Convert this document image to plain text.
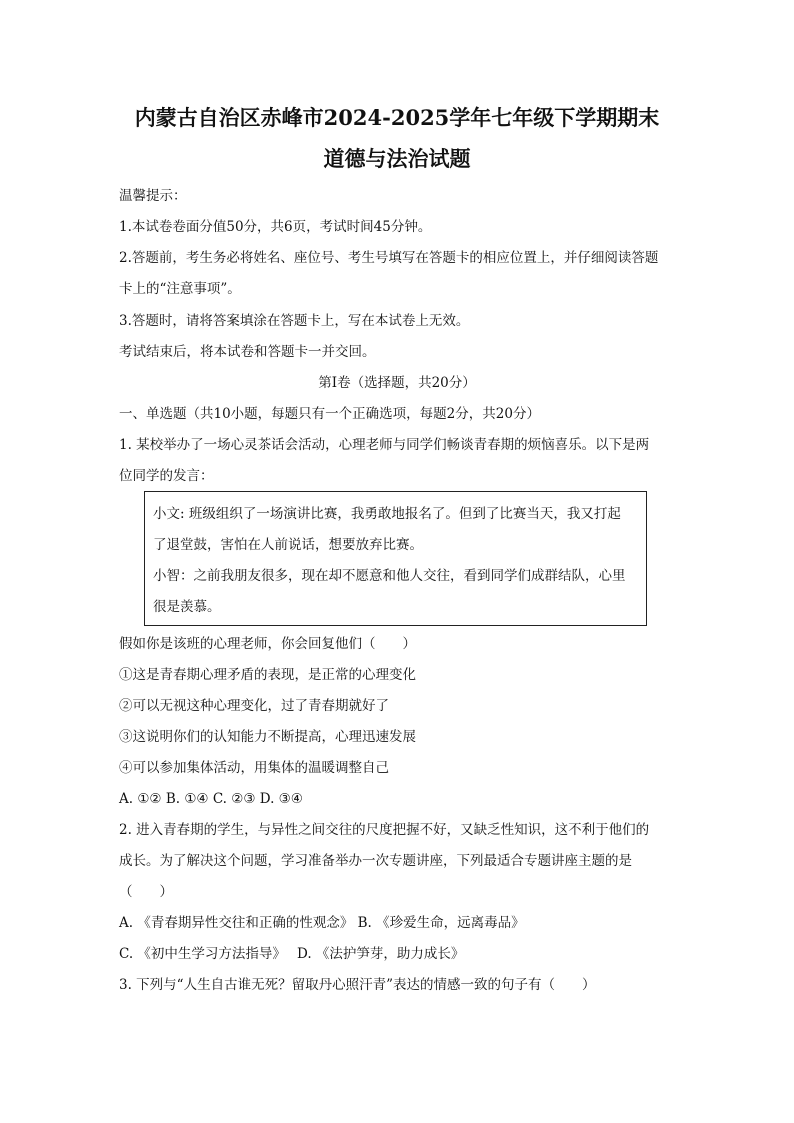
内蒙古自治区赤峰市2024-2025学年七年级下学期期末
道德与法治试题
温馨提示：
1.本试卷卷面分值50分，共6页，考试时间45分钟。
2.答题前，考生务必将姓名、座位号、考生号填写在答题卡的相应位置上，并仔细阅读答题
卡上的“注意事项”。
3.答题时，请将答案填涂在答题卡上，写在本试卷上无效。
考试结束后，将本试卷和答题卡一并交回。
第I卷（选择题，共20分）
一、单选题（共10小题，每题只有一个正确选项，每题2分，共20分）
1. 某校举办了一场心灵茶话会活动，心理老师与同学们畅谈青春期的烦恼喜乐。以下是两
位同学的发言：
小文: 班级组织了一场演讲比赛，我勇敢地报名了。但到了比赛当天，我又打起
了退堂鼓，害怕在人前说话，想要放弃比赛。
小智：之前我朋友很多，现在却不愿意和他人交往，看到同学们成群结队，心里
很是羡慕。
假如你是该班的心理老师，你会回复他们（　　）
①这是青春期心理矛盾的表现，是正常的心理变化
②可以无视这种心理变化，过了青春期就好了
③这说明你们的认知能力不断提高，心理迅速发展
④可以参加集体活动，用集体的温暖调整自己
A. ①② B. ①④ C. ②③ D. ③④
2. 进入青春期的学生，与异性之间交往的尺度把握不好，又缺乏性知识，这不利于他们的
成长。为了解决这个问题，学习准备举办一次专题讲座，下列最适合专题讲座主题的是
（　　）
A. 《青春期异性交往和正确的性观念》 B. 《珍爱生命，远离毒品》
C. 《初中生学习方法指导》　 D. 《法护笋芽，助力成长》
3. 下列与“人生自古谁无死？留取丹心照汗青”表达的情感一致的句子有（　　）
